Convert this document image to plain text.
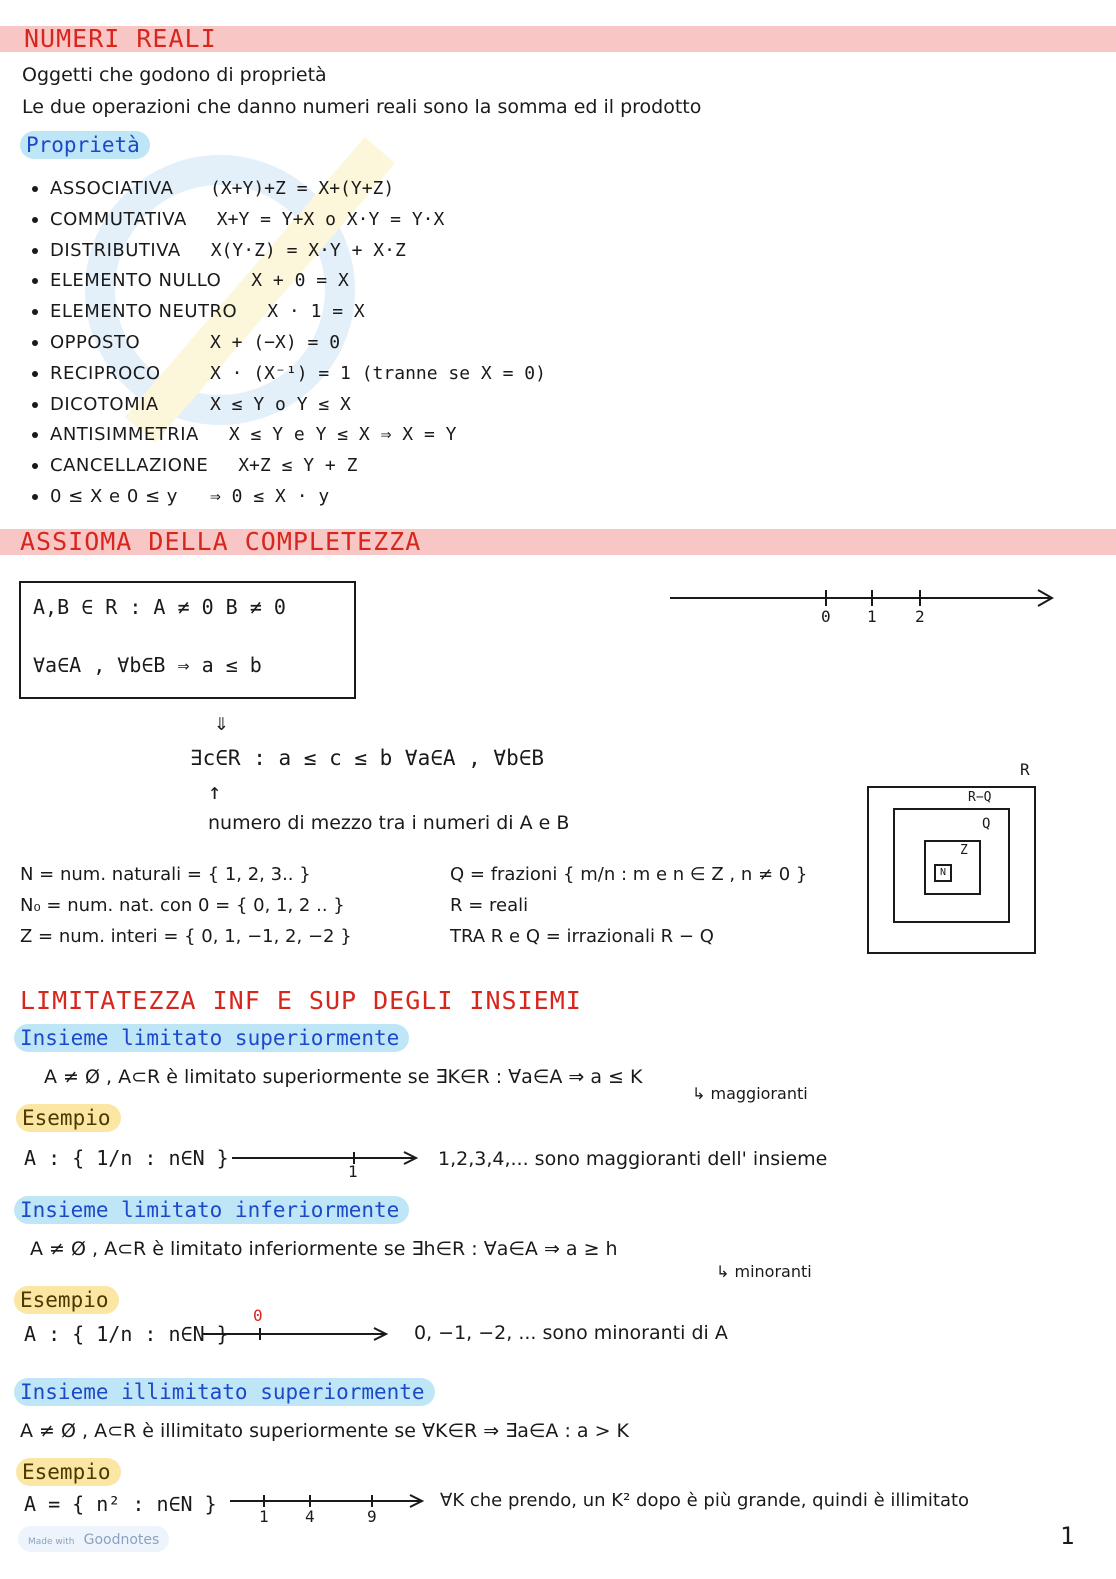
NUMERI REALI
Oggetti che godono di proprietà
Le due operazioni che danno numeri reali sono la somma ed il prodotto
Proprietà
ASSOCIATIVA (X+Y)+Z = X+(Y+Z)
COMMUTATIVA X+Y = Y+X o X·Y = Y·X
DISTRIBUTIVA X(Y·Z) = X·Y + X·Z
ELEMENTO NULLO X + 0 = X
ELEMENTO NEUTRO X · 1 = X
OPPOSTO	X + (−X) = 0
RECIPROCO	X · (X⁻¹) = 1 (tranne se X = 0)
DICOTOMIA	X ≤ Y o Y ≤ X
ANTISIMMETRIA X ≤ Y e Y ≤ X ⇒ X = Y
CANCELLAZIONE X+Z ≤ Y + Z
0 ≤ X e 0 ≤ y ⇒ 0 ≤ X · y
ASSIOMA DELLA COMPLETEZZA
A,B ∈ R : A ≠ 0 B ≠ 0
∀a∈A , ∀b∈B ⇒ a ≤ b
⇓
∃c∈R : a ≤ c ≤ b ∀a∈A , ∀b∈B
↑
numero di mezzo tra i numeri di A e B
0 1 2
N = num. naturali = { 1, 2, 3.. }
N₀ = num. nat. con 0 = { 0, 1, 2 .. }
Z = num. interi = { 0, 1, −1, 2, −2 }
Q = frazioni { m/n : m e n ∈ Z , n ≠ 0 }
R = reali
TRA R e Q = irrazionali R − Q
R
R−Q
Q
Z
N
LIMITATEZZA INF E SUP DEGLI INSIEMI
Insieme limitato superiormente
A ≠ Ø , A⊂R è limitato superiormente se ∃K∈R : ∀a∈A ⇒ a ≤ K
↳ maggioranti
Esempio
A : { 1/n : n∈N }
1
1,2,3,4,... sono maggioranti dell' insieme
Insieme limitato inferiormente
A ≠ Ø , A⊂R è limitato inferiormente se ∃h∈R : ∀a∈A ⇒ a ≥ h
↳ minoranti
Esempio
A : { 1/n : n∈N }
0
0, −1, −2, ... sono minoranti di A
Insieme illimitato superiormente
A ≠ Ø , A⊂R è illimitato superiormente se ∀K∈R ⇒ ∃a∈A : a > K
Esempio
A = { n² : n∈N }
1 4	9
∀K che prendo, un K² dopo è più grande, quindi è illimitato
Made with Goodnotes	1
